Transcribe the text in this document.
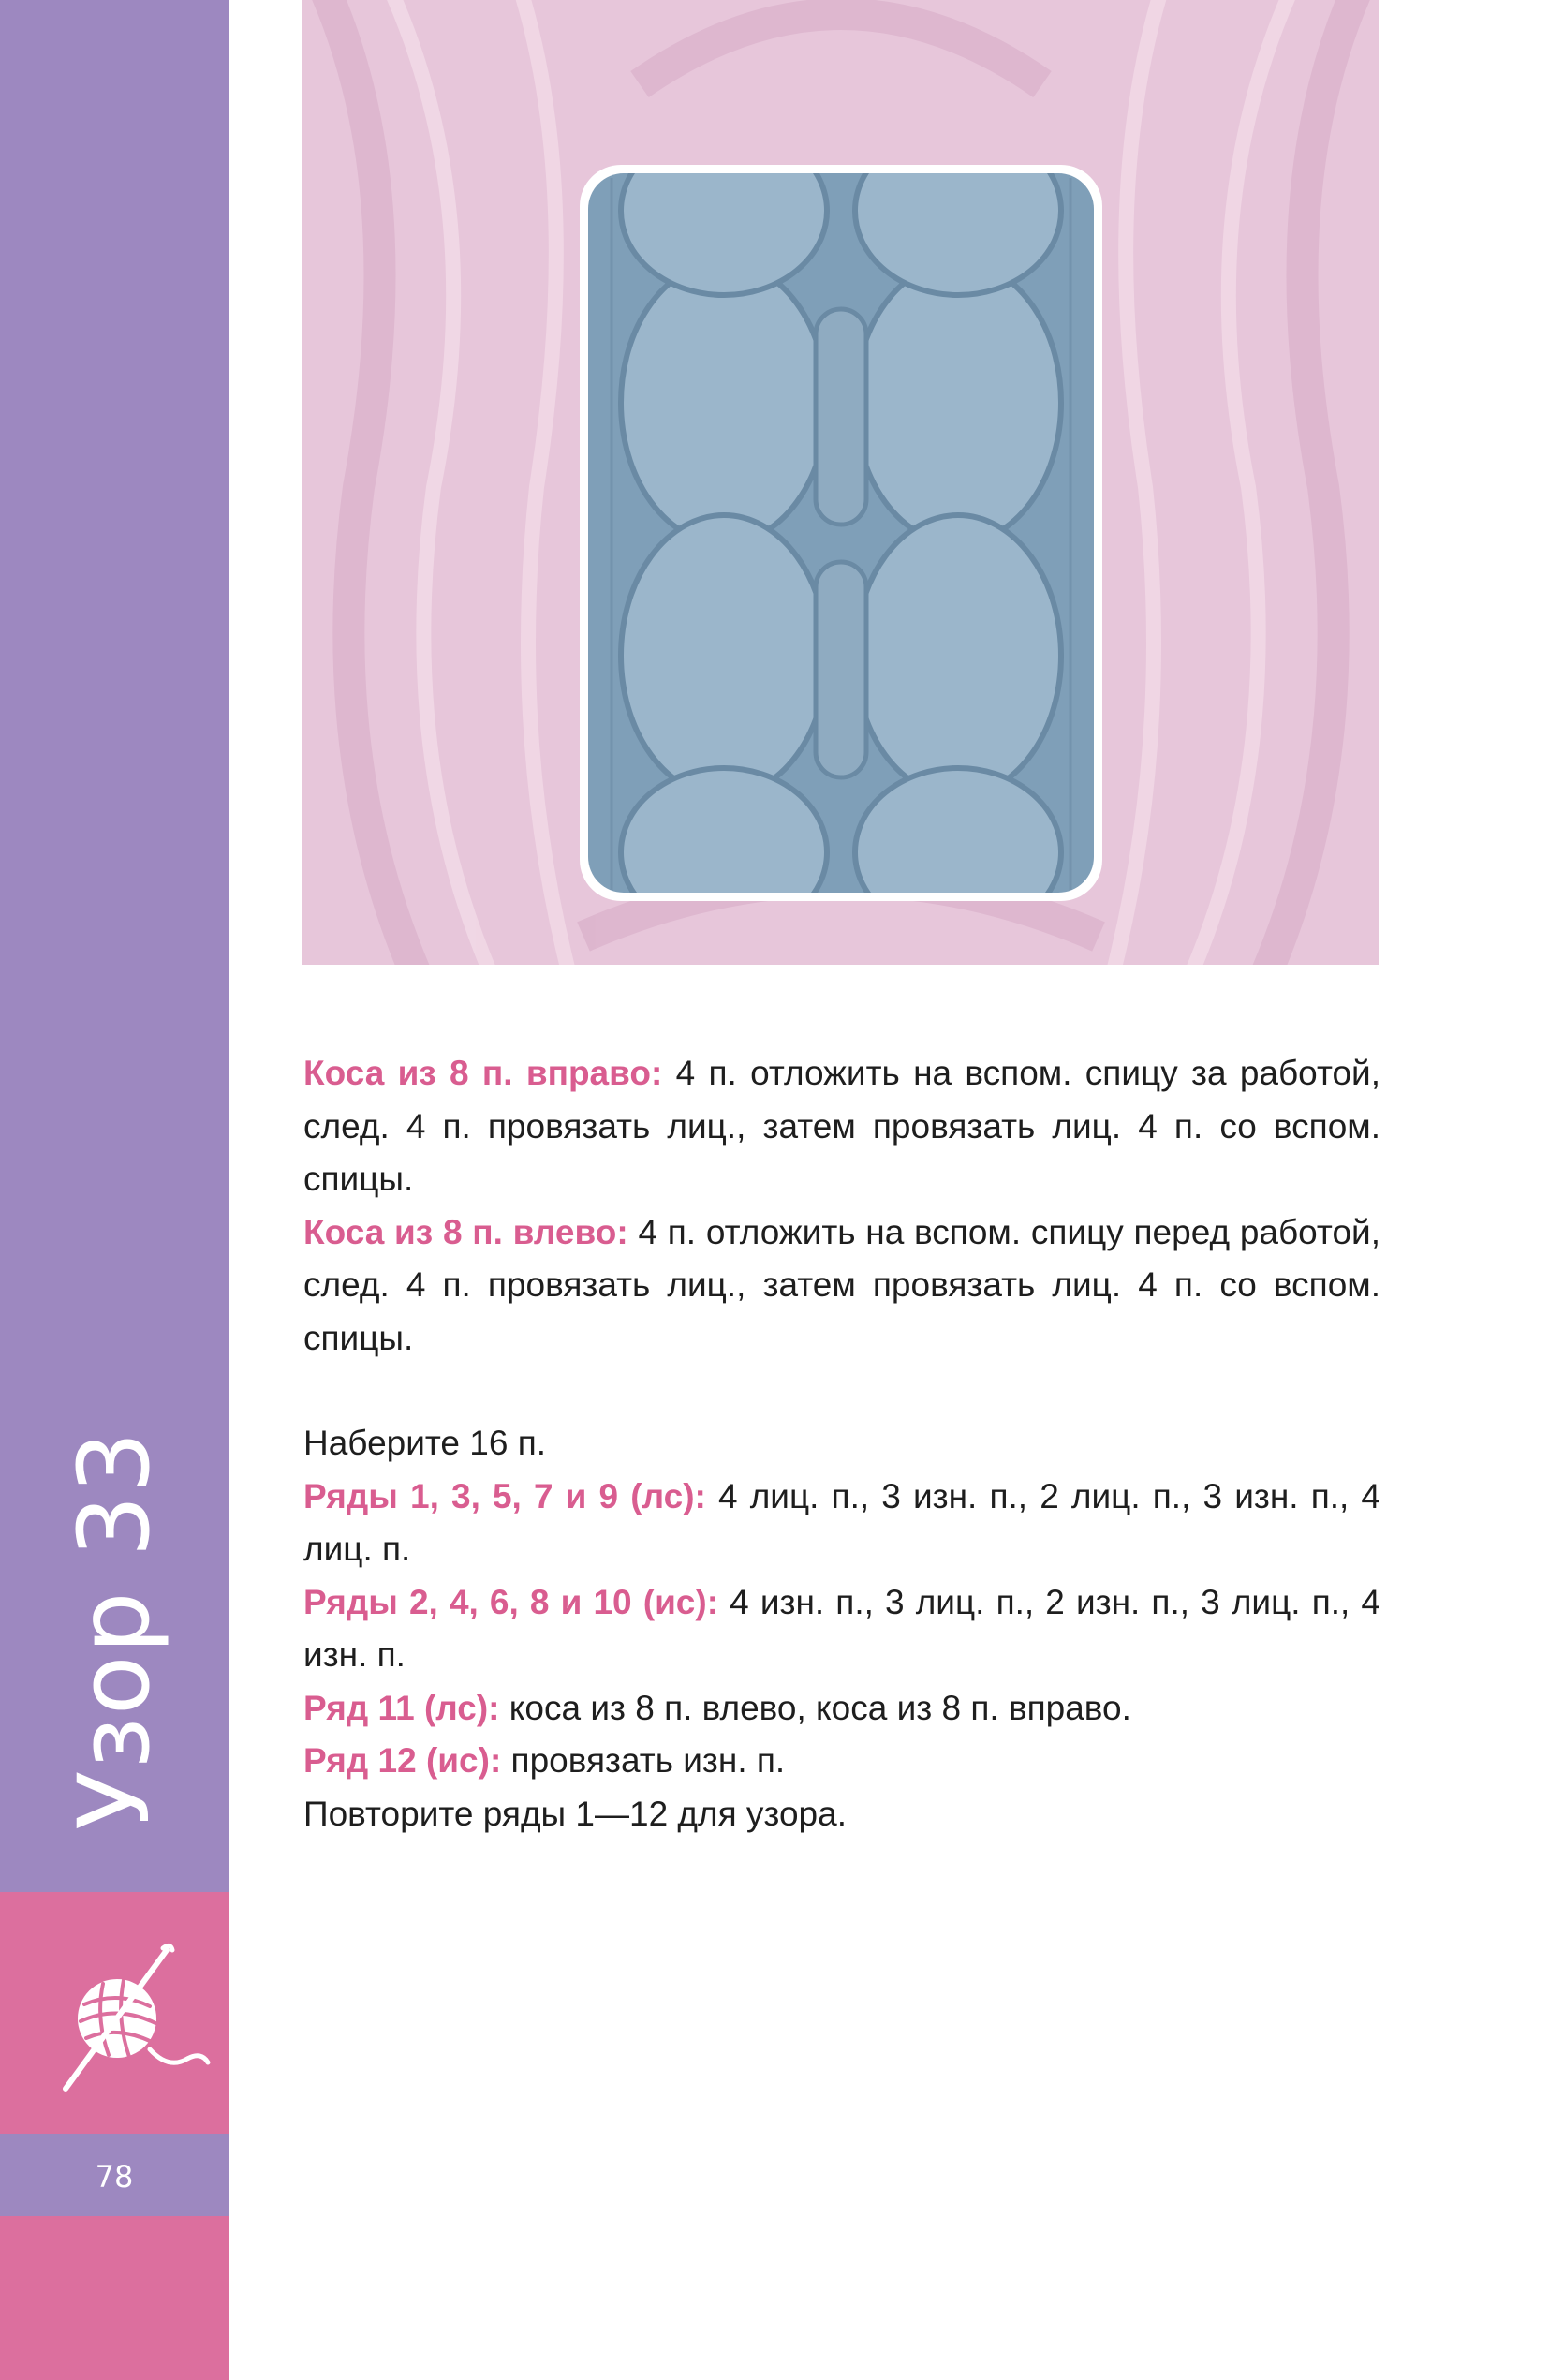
Узор 33
78

Коса из 8 п. вправо: 4 п. отложить на вспом. спицу за работой, след. 4 п. провязать лиц., затем провязать лиц. 4 п. со вспом. спицы.

Коса из 8 п. влево: 4 п. отложить на вспом. спицу перед работой, след. 4 п. провязать лиц., затем провязать лиц. 4 п. со вспом. спицы.

Наберите 16 п.

Ряды 1, 3, 5, 7 и 9 (лс): 4 лиц. п., 3 изн. п., 2 лиц. п., 3 изн. п., 4 лиц. п.

Ряды 2, 4, 6, 8 и 10 (ис): 4 изн. п., 3 лиц. п., 2 изн. п., 3 лиц. п., 4 изн. п.

Ряд 11 (лс): коса из 8 п. влево, коса из 8 п. вправо.

Ряд 12 (ис): провязать изн. п.

Повторите ряды 1—12 для узора.
